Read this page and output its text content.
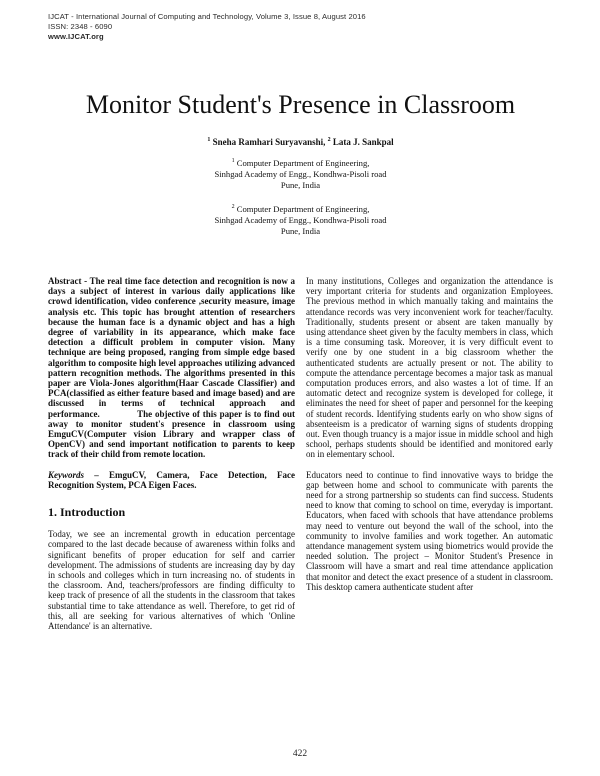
IJCAT - International Journal of Computing and Technology, Volume 3, Issue 8, August 2016
ISSN: 2348 - 6090
www.IJCAT.org
Monitor Student's Presence in Classroom
$^1$ Sneha Ramhari Suryavanshi, $^2$ Lata J. Sankpal
$^1$ Computer Department of Engineering,
Sinhgad Academy of Engg., Kondhwa-Pisoli road
Pune, India
$^2$ Computer Department of Engineering,
Sinhgad Academy of Engg., Kondhwa-Pisoli road
Pune, India

Abstract - The real time face detection and recognition is now a days a subject of interest in various daily applications like crowd identification, video conference ,security measure, image analysis etc. This topic has brought attention of researchers because the human face is a dynamic object and has a high degree of variability in its appearance, which make face detection a difficult problem in computer vision. Many technique are being proposed, ranging from simple edge based algorithm to composite high level approaches utilizing advanced pattern recognition methods. The algorithms presented in this paper are Viola-Jones algorithm(Haar Cascade Classifier) and PCA(classified as either feature based and image based) and are discussed in terms of technical approach and performance.             The objective of this paper is to find out away to monitor student's presence in classroom using EmguCV(Computer vision Library and wrapper class of OpenCV) and send important notification to parents to keep track of their child from remote location.

Keywords – EmguCV, Camera, Face Detection, Face Recognition System, PCA Eigen Faces.

1. Introduction

Today, we see an incremental growth in education percentage compared to the last decade because of awareness within folks and significant benefits of proper education for self and carrier development. The admissions of students are increasing day by day in schools and colleges which in turn increasing no. of students in the classroom. And, teachers/professors are finding difficulty to keep track of presence of all the students in the classroom that takes substantial time to take attendance as well. Therefore, to get rid of this, all are seeking for various alternatives of which 'Online Attendance' is an alternative.

In many institutions, Colleges and organization the attendance is very important criteria for students and organization Employees. The previous method in which manually taking and maintains the attendance records was very inconvenient work for teacher/faculty. Traditionally, students present or absent are taken manually by using attendance sheet given by the faculty members in class, which is a time consuming task. Moreover, it is very difficult event to verify one by one student in a big classroom whether the authenticated students are actually present or not. The ability to compute the attendance percentage becomes a major task as manual computation produces errors, and also wastes a lot of time. If an automatic detect and recognize system is developed for college, it eliminates the need for sheet of paper and personnel for the keeping of student records. Identifying students early on who show signs of absenteeism is a predicator of warning signs of students dropping out. Even though truancy is a major issue in middle school and high school, perhaps students should be identified and monitored early on in elementary school.

Educators need to continue to find innovative ways to bridge the gap between home and school to communicate with parents the need for a strong partnership so students can find success. Students need to know that coming to school on time, everyday is important. Educators, when faced with schools that have attendance problems may need to venture out beyond the wall of the school, into the community to involve families and work together. An automatic attendance management system using biometrics would provide the needed solution. The project – Monitor Student's Presence in Classroom will have a smart and real time attendance application that monitor and detect the exact presence of a student in classroom. This desktop camera authenticate student after

422
